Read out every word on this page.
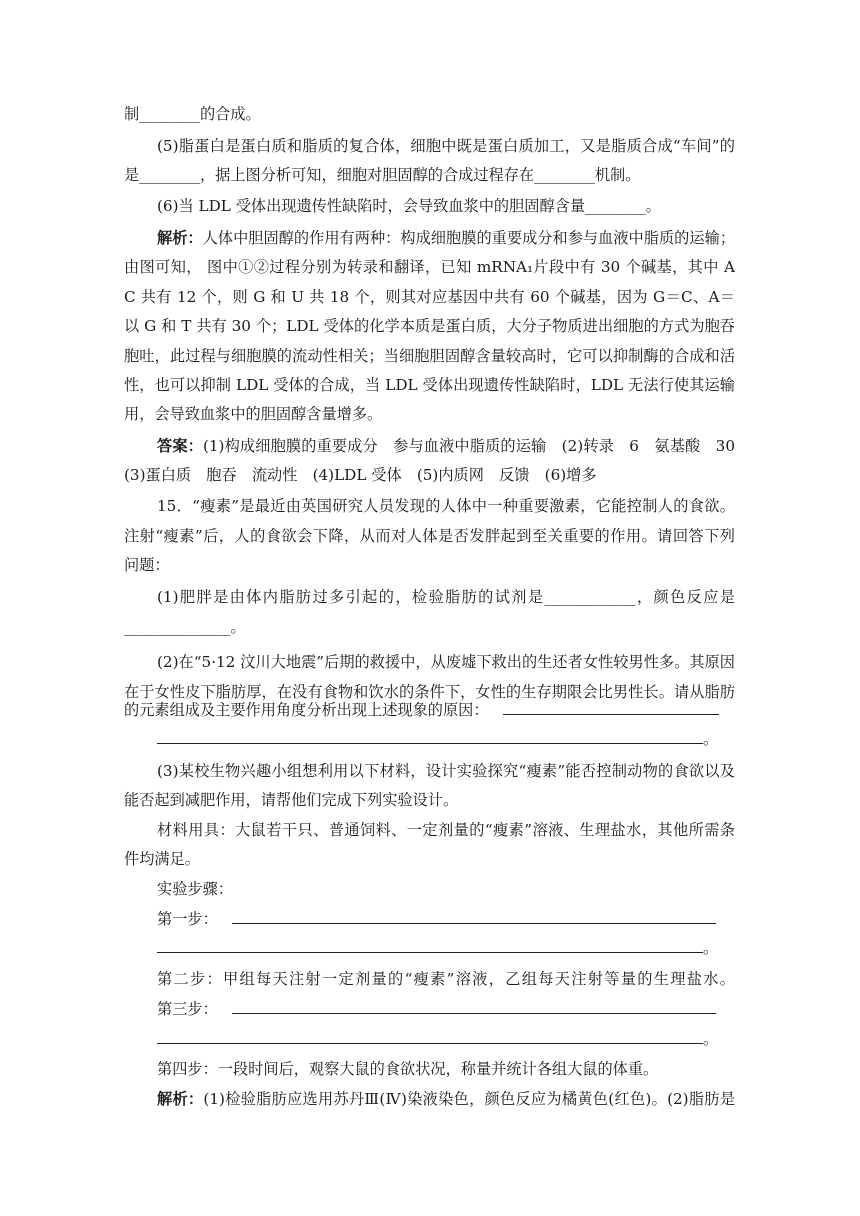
制________的合成。
(5)脂蛋白是蛋白质和脂质的复合体，细胞中既是蛋白质加工，又是脂质合成“车间”的
是________，据上图分析可知，细胞对胆固醇的合成过程存在________机制。
(6)当 LDL 受体出现遗传性缺陷时，会导致血浆中的胆固醇含量________。
解析：人体中胆固醇的作用有两种：构成细胞膜的重要成分和参与血液中脂质的运输；
由图可知， 图中①②过程分别为转录和翻译，已知 mRNA₁片段中有 30 个碱基，其中 A
C 共有 12 个，则 G 和 U 共 18 个，则其对应基因中共有 60 个碱基，因为 G＝C、A＝
以 G 和 T 共有 30 个；LDL 受体的化学本质是蛋白质，大分子物质进出细胞的方式为胞吞
胞吐，此过程与细胞膜的流动性相关；当细胞胆固醇含量较高时，它可以抑制酶的合成和活
性，也可以抑制 LDL 受体的合成，当 LDL 受体出现遗传性缺陷时，LDL 无法行使其运输
用，会导致血浆中的胆固醇含量增多。
答案：(1)构成细胞膜的重要成分　参与血液中脂质的运输　(2)转录　6　氨基酸　30
(3)蛋白质　胞吞　流动性　(4)LDL 受体　(5)内质网　反馈　(6)增多
15．“瘦素”是最近由英国研究人员发现的人体中一种重要激素，它能控制人的食欲。
注射“瘦素”后，人的食欲会下降，从而对人体是否发胖起到至关重要的作用。请回答下列
问题：
(1)肥胖是由体内脂肪过多引起的，检验脂肪的试剂是____________，颜色反应是
______________。
(2)在“5·12 汶川大地震”后期的救援中，从废墟下救出的生还者女性较男性多。其原因
在于女性皮下脂肪厚，在没有食物和饮水的条件下，女性的生存期限会比男性长。请从脂肪
的元素组成及主要作用角度分析出现上述现象的原因：
。
(3)某校生物兴趣小组想利用以下材料，设计实验探究“瘦素”能否控制动物的食欲以及
能否起到减肥作用，请帮他们完成下列实验设计。
材料用具：大鼠若干只、普通饲料、一定剂量的“瘦素”溶液、生理盐水，其他所需条
件均满足。
实验步骤：
第一步：
。
第二步：甲组每天注射一定剂量的“瘦素”溶液，乙组每天注射等量的生理盐水。
第三步：
。
第四步：一段时间后，观察大鼠的食欲状况，称量并统计各组大鼠的体重。
解析：(1)检验脂肪应选用苏丹Ⅲ(Ⅳ)染液染色，颜色反应为橘黄色(红色)。(2)脂肪是
